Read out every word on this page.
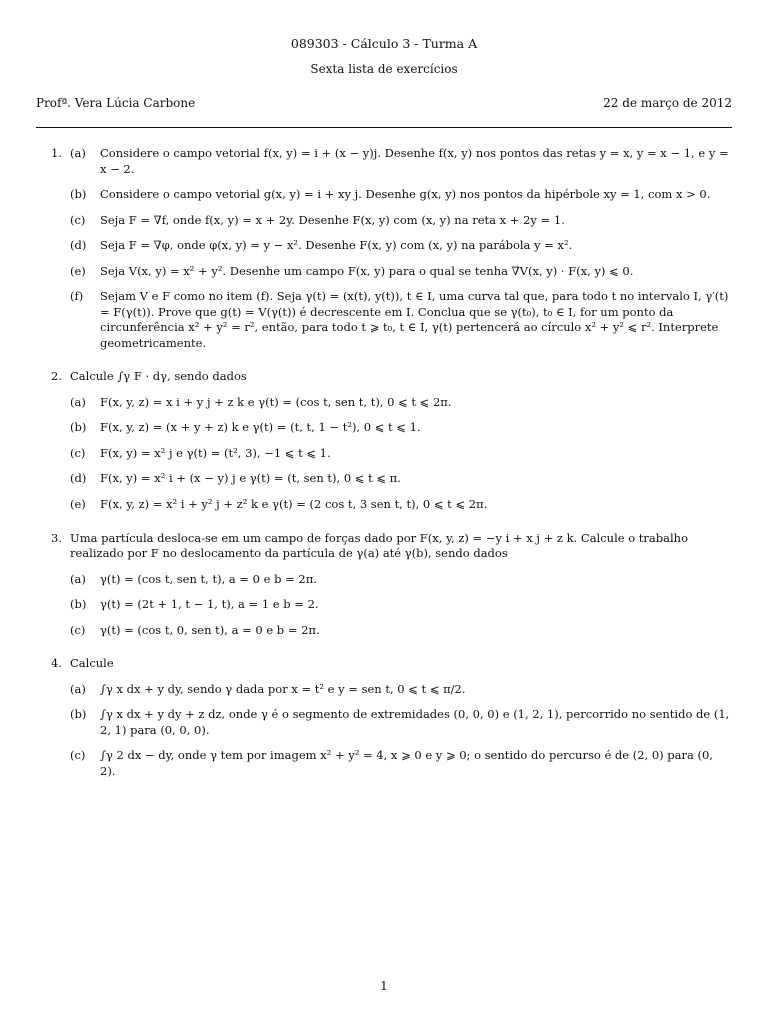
089303 - Cálculo 3 - Turma A
Sexta lista de exercícios
Profª. Vera Lúcia Carbone	22 de março de 2012
1. (a)	Considere o campo vetorial f(x, y) = i + (x − y)j. Desenhe f(x, y) nos pontos das retas y = x, y = x − 1, e y = x − 2.
(b)	Considere o campo vetorial g(x, y) = i + xy j. Desenhe g(x, y) nos pontos da hipérbole xy = 1, com x > 0.
(c)	Seja F = ∇f, onde f(x, y) = x + 2y. Desenhe F(x, y) com (x, y) na reta x + 2y = 1.
(d)	Seja F = ∇φ, onde φ(x, y) = y − x². Desenhe F(x, y) com (x, y) na parábola y = x².
(e)	Seja V(x, y) = x² + y². Desenhe um campo F(x, y) para o qual se tenha ∇V(x, y) · F(x, y) ⩽ 0.
(f)	Sejam V e F como no item (f). Seja γ(t) = (x(t), y(t)), t ∈ I, uma curva tal que, para todo t no intervalo I, γ′(t) = F(γ(t)). Prove que g(t) = V(γ(t)) é decrescente em I. Conclua que se γ(t₀), t₀ ∈ I, for um ponto da circunferência x² + y² = r², então, para todo t ⩾ t₀, t ∈ I, γ(t) pertencerá ao círculo x² + y² ⩽ r². Interprete geometricamente.
2. Calcule ∫γ F · dγ, sendo dados
(a)	F(x, y, z) = x i + y j + z k e γ(t) = (cos t, sen t, t), 0 ⩽ t ⩽ 2π.
(b)	F(x, y, z) = (x + y + z) k e γ(t) = (t, t, 1 − t²), 0 ⩽ t ⩽ 1.
(c)	F(x, y) = x² j e γ(t) = (t², 3), −1 ⩽ t ⩽ 1.
(d)	F(x, y) = x² i + (x − y) j e γ(t) = (t, sen t), 0 ⩽ t ⩽ π.
(e)	F(x, y, z) = x² i + y² j + z² k e γ(t) = (2 cos t, 3 sen t, t), 0 ⩽ t ⩽ 2π.
3. Uma partícula desloca-se em um campo de forças dado por F(x, y, z) = −y i + x j + z k. Calcule o trabalho realizado por F no deslocamento da partícula de γ(a) até γ(b), sendo dados
(a)	γ(t) = (cos t, sen t, t), a = 0 e b = 2π.
(b)	γ(t) = (2t + 1, t − 1, t), a = 1 e b = 2.
(c)	γ(t) = (cos t, 0, sen t), a = 0 e b = 2π.
4. Calcule
(a)	∫γ x dx + y dy, sendo γ dada por x = t² e y = sen t, 0 ⩽ t ⩽ π/2.
(b)	∫γ x dx + y dy + z dz, onde γ é o segmento de extremidades (0, 0, 0) e (1, 2, 1), percorrido no sentido de (1, 2, 1) para (0, 0, 0).
(c)	∫γ 2 dx − dy, onde γ tem por imagem x² + y² = 4, x ⩾ 0 e y ⩾ 0; o sentido do percurso é de (2, 0) para (0, 2).
1
